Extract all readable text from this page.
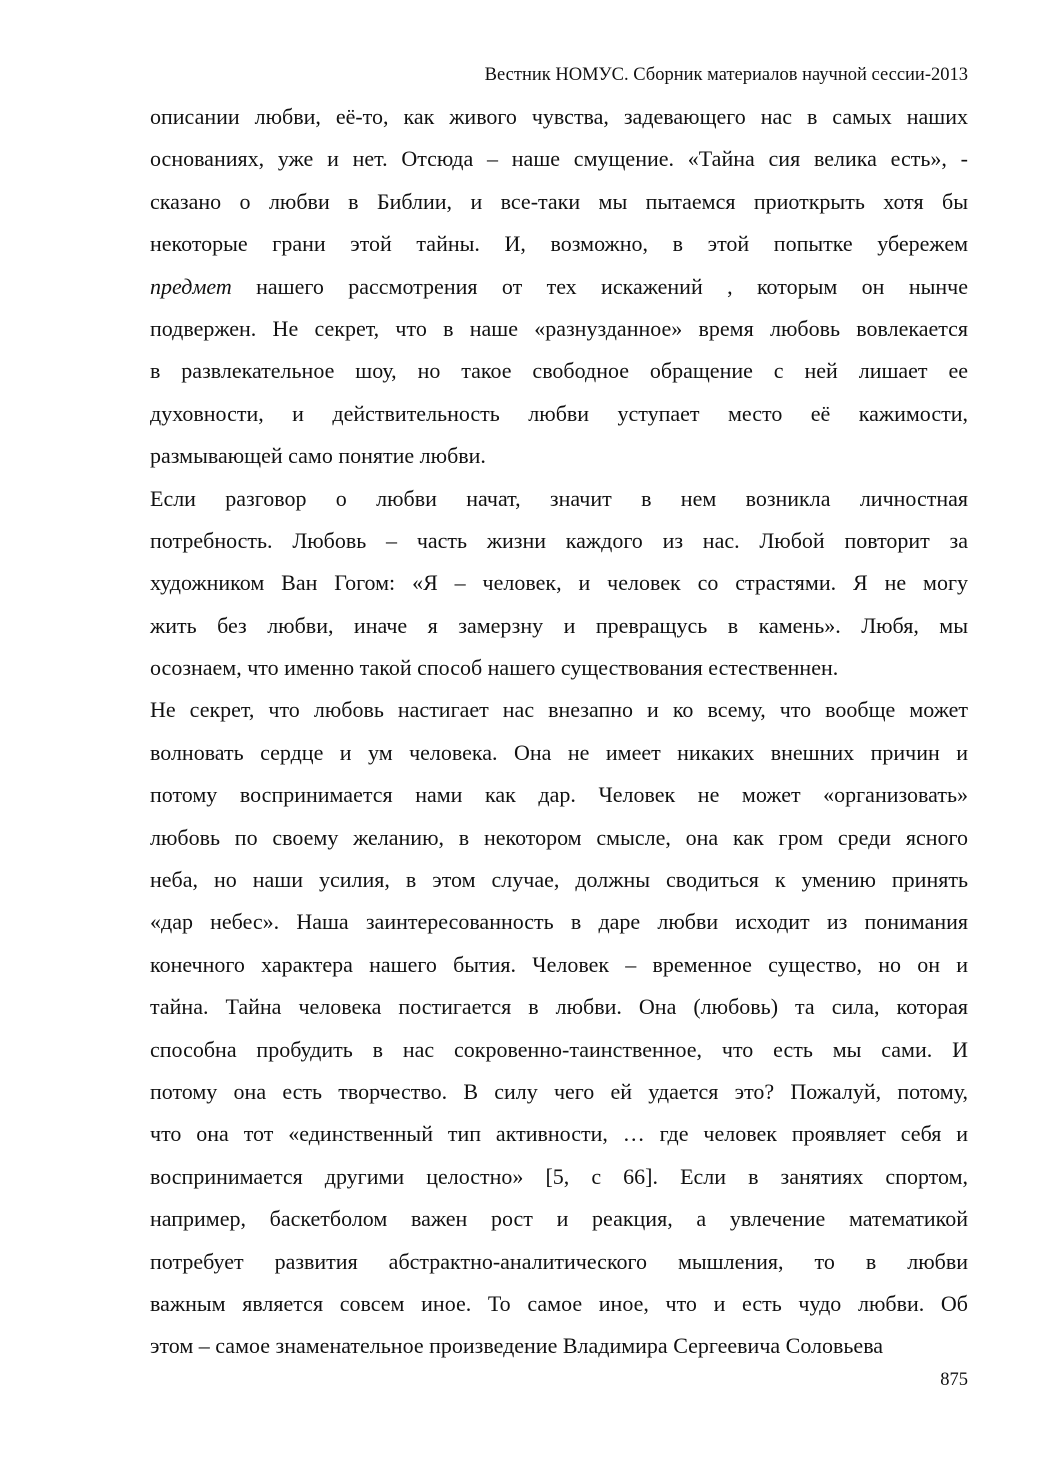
Вестник НОМУС. Сборник материалов научной сессии-2013
описании любви, её-то, как живого чувства, задевающего нас в самых наших
основаниях, уже и нет. Отсюда – наше смущение. «Тайна сия велика есть», -
сказано о любви в Библии, и все-таки мы пытаемся приоткрыть хотя бы
некоторые грани этой тайны. И, возможно, в этой попытке убережем
предмет нашего рассмотрения от тех искажений , которым он нынче
подвержен. Не секрет, что в наше «разнузданное» время любовь вовлекается
в развлекательное шоу, но такое свободное обращение с ней лишает ее
духовности, и действительность любви уступает место её кажимости,
размывающей само понятие любви.
Если разговор о любви начат, значит в нем возникла личностная
потребность. Любовь – часть жизни каждого из нас. Любой повторит за
художником Ван Гогом: «Я – человек, и человек со страстями. Я не могу
жить без любви, иначе я замерзну и превращусь в камень». Любя, мы
осознаем, что именно такой способ нашего существования естественнен.
Не секрет, что любовь настигает нас внезапно и ко всему, что вообще может
волновать сердце и ум человека. Она не имеет никаких внешних причин и
потому воспринимается нами как дар. Человек не может «организовать»
любовь по своему желанию, в некотором смысле, она как гром среди ясного
неба, но наши усилия, в этом случае, должны сводиться к умению принять
«дар небес». Наша заинтересованность в даре любви исходит из понимания
конечного характера нашего бытия. Человек – временное существо, но он и
тайна. Тайна человека постигается в любви. Она (любовь) та сила, которая
способна пробудить в нас сокровенно-таинственное, что есть мы сами. И
потому она есть творчество. В силу чего ей удается это? Пожалуй, потому,
что она тот «единственный тип активности, … где человек проявляет себя и
воспринимается другими целостно» [5, с 66]. Если в занятиях спортом,
например, баскетболом важен рост и реакция, а увлечение математикой
потребует развития абстрактно-аналитического мышления, то в любви
важным является совсем иное. То самое иное, что и есть чудо любви. Об
этом – самое знаменательное произведение Владимира Сергеевича Соловьева
875
